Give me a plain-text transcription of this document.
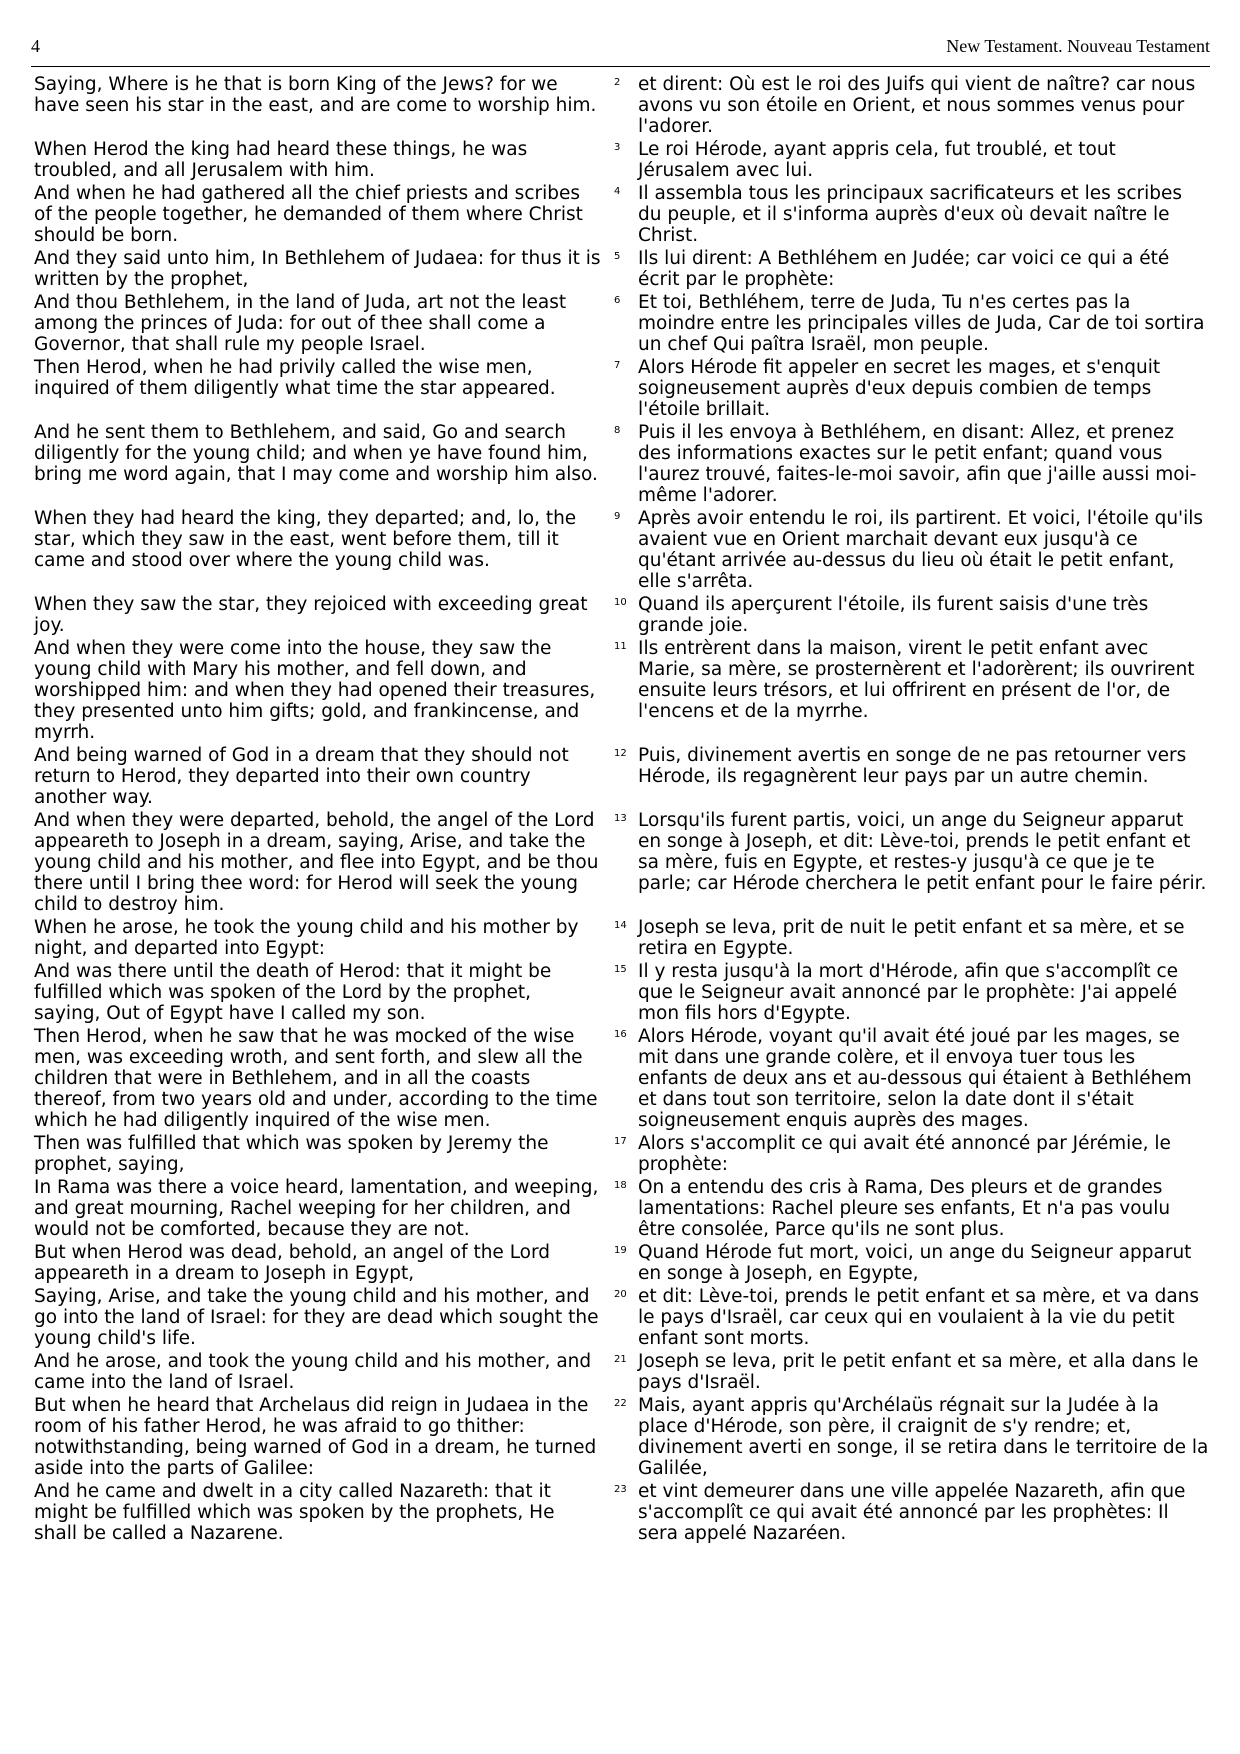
4	New Testament. Nouveau Testament

Saying, Where is he that is born King of the Jews? for we have seen his star in the east, and are come to worship him.

2 et dirent: Où est le roi des Juifs qui vient de naître? car nous avons vu son étoile en Orient, et nous sommes venus pour l'adorer.

When Herod the king had heard these things, he was troubled, and all Jerusalem with him.

3 Le roi Hérode, ayant appris cela, fut troublé, et tout Jérusalem avec lui.

And when he had gathered all the chief priests and scribes of the people together, he demanded of them where Christ should be born.

4 Il assembla tous les principaux sacrificateurs et les scribes du peuple, et il s'informa auprès d'eux où devait naître le Christ.

And they said unto him, In Bethlehem of Judaea: for thus it is written by the prophet,

5 Ils lui dirent: A Bethléhem en Judée; car voici ce qui a été écrit par le prophète:

And thou Bethlehem, in the land of Juda, art not the least among the princes of Juda: for out of thee shall come a Governor, that shall rule my people Israel.

6 Et toi, Bethléhem, terre de Juda, Tu n'es certes pas la moindre entre les principales villes de Juda, Car de toi sortira un chef Qui paîtra Israël, mon peuple.

Then Herod, when he had privily called the wise men, inquired of them diligently what time the star appeared.

7 Alors Hérode fit appeler en secret les mages, et s'enquit soigneusement auprès d'eux depuis combien de temps l'étoile brillait.

And he sent them to Bethlehem, and said, Go and search diligently for the young child; and when ye have found him, bring me word again, that I may come and worship him also.

8 Puis il les envoya à Bethléhem, en disant: Allez, et prenez des informations exactes sur le petit enfant; quand vous l'aurez trouvé, faites-le-moi savoir, afin que j'aille aussi moi-même l'adorer.

When they had heard the king, they departed; and, lo, the star, which they saw in the east, went before them, till it came and stood over where the young child was.

9 Après avoir entendu le roi, ils partirent. Et voici, l'étoile qu'ils avaient vue en Orient marchait devant eux jusqu'à ce qu'étant arrivée au-dessus du lieu où était le petit enfant, elle s'arrêta.

When they saw the star, they rejoiced with exceeding great joy.

10 Quand ils aperçurent l'étoile, ils furent saisis d'une très grande joie.

And when they were come into the house, they saw the young child with Mary his mother, and fell down, and worshipped him: and when they had opened their treasures, they presented unto him gifts; gold, and frankincense, and myrrh.

11 Ils entrèrent dans la maison, virent le petit enfant avec Marie, sa mère, se prosternèrent et l'adorèrent; ils ouvrirent ensuite leurs trésors, et lui offrirent en présent de l'or, de l'encens et de la myrrhe.

And being warned of God in a dream that they should not return to Herod, they departed into their own country another way.

12 Puis, divinement avertis en songe de ne pas retourner vers Hérode, ils regagnèrent leur pays par un autre chemin.

And when they were departed, behold, the angel of the Lord appeareth to Joseph in a dream, saying, Arise, and take the young child and his mother, and flee into Egypt, and be thou there until I bring thee word: for Herod will seek the young child to destroy him.

13 Lorsqu'ils furent partis, voici, un ange du Seigneur apparut en songe à Joseph, et dit: Lève-toi, prends le petit enfant et sa mère, fuis en Egypte, et restes-y jusqu'à ce que je te parle; car Hérode cherchera le petit enfant pour le faire périr.

When he arose, he took the young child and his mother by night, and departed into Egypt:

14 Joseph se leva, prit de nuit le petit enfant et sa mère, et se retira en Egypte.

And was there until the death of Herod: that it might be fulfilled which was spoken of the Lord by the prophet, saying, Out of Egypt have I called my son.

15 Il y resta jusqu'à la mort d'Hérode, afin que s'accomplît ce que le Seigneur avait annoncé par le prophète: J'ai appelé mon fils hors d'Egypte.

Then Herod, when he saw that he was mocked of the wise men, was exceeding wroth, and sent forth, and slew all the children that were in Bethlehem, and in all the coasts thereof, from two years old and under, according to the time which he had diligently inquired of the wise men.

16 Alors Hérode, voyant qu'il avait été joué par les mages, se mit dans une grande colère, et il envoya tuer tous les enfants de deux ans et au-dessous qui étaient à Bethléhem et dans tout son territoire, selon la date dont il s'était soigneusement enquis auprès des mages.

Then was fulfilled that which was spoken by Jeremy the prophet, saying,

17 Alors s'accomplit ce qui avait été annoncé par Jérémie, le prophète:

In Rama was there a voice heard, lamentation, and weeping, and great mourning, Rachel weeping for her children, and would not be comforted, because they are not.

18 On a entendu des cris à Rama, Des pleurs et de grandes lamentations: Rachel pleure ses enfants, Et n'a pas voulu être consolée, Parce qu'ils ne sont plus.

But when Herod was dead, behold, an angel of the Lord appeareth in a dream to Joseph in Egypt,

19 Quand Hérode fut mort, voici, un ange du Seigneur apparut en songe à Joseph, en Egypte,

Saying, Arise, and take the young child and his mother, and go into the land of Israel: for they are dead which sought the young child's life.

20 et dit: Lève-toi, prends le petit enfant et sa mère, et va dans le pays d'Israël, car ceux qui en voulaient à la vie du petit enfant sont morts.

And he arose, and took the young child and his mother, and came into the land of Israel.

21 Joseph se leva, prit le petit enfant et sa mère, et alla dans le pays d'Israël.

But when he heard that Archelaus did reign in Judaea in the room of his father Herod, he was afraid to go thither: notwithstanding, being warned of God in a dream, he turned aside into the parts of Galilee:

22 Mais, ayant appris qu'Archélaüs régnait sur la Judée à la place d'Hérode, son père, il craignit de s'y rendre; et, divinement averti en songe, il se retira dans le territoire de la Galilée,

And he came and dwelt in a city called Nazareth: that it might be fulfilled which was spoken by the prophets, He shall be called a Nazarene.

23 et vint demeurer dans une ville appelée Nazareth, afin que s'accomplît ce qui avait été annoncé par les prophètes: Il sera appelé Nazaréen.
